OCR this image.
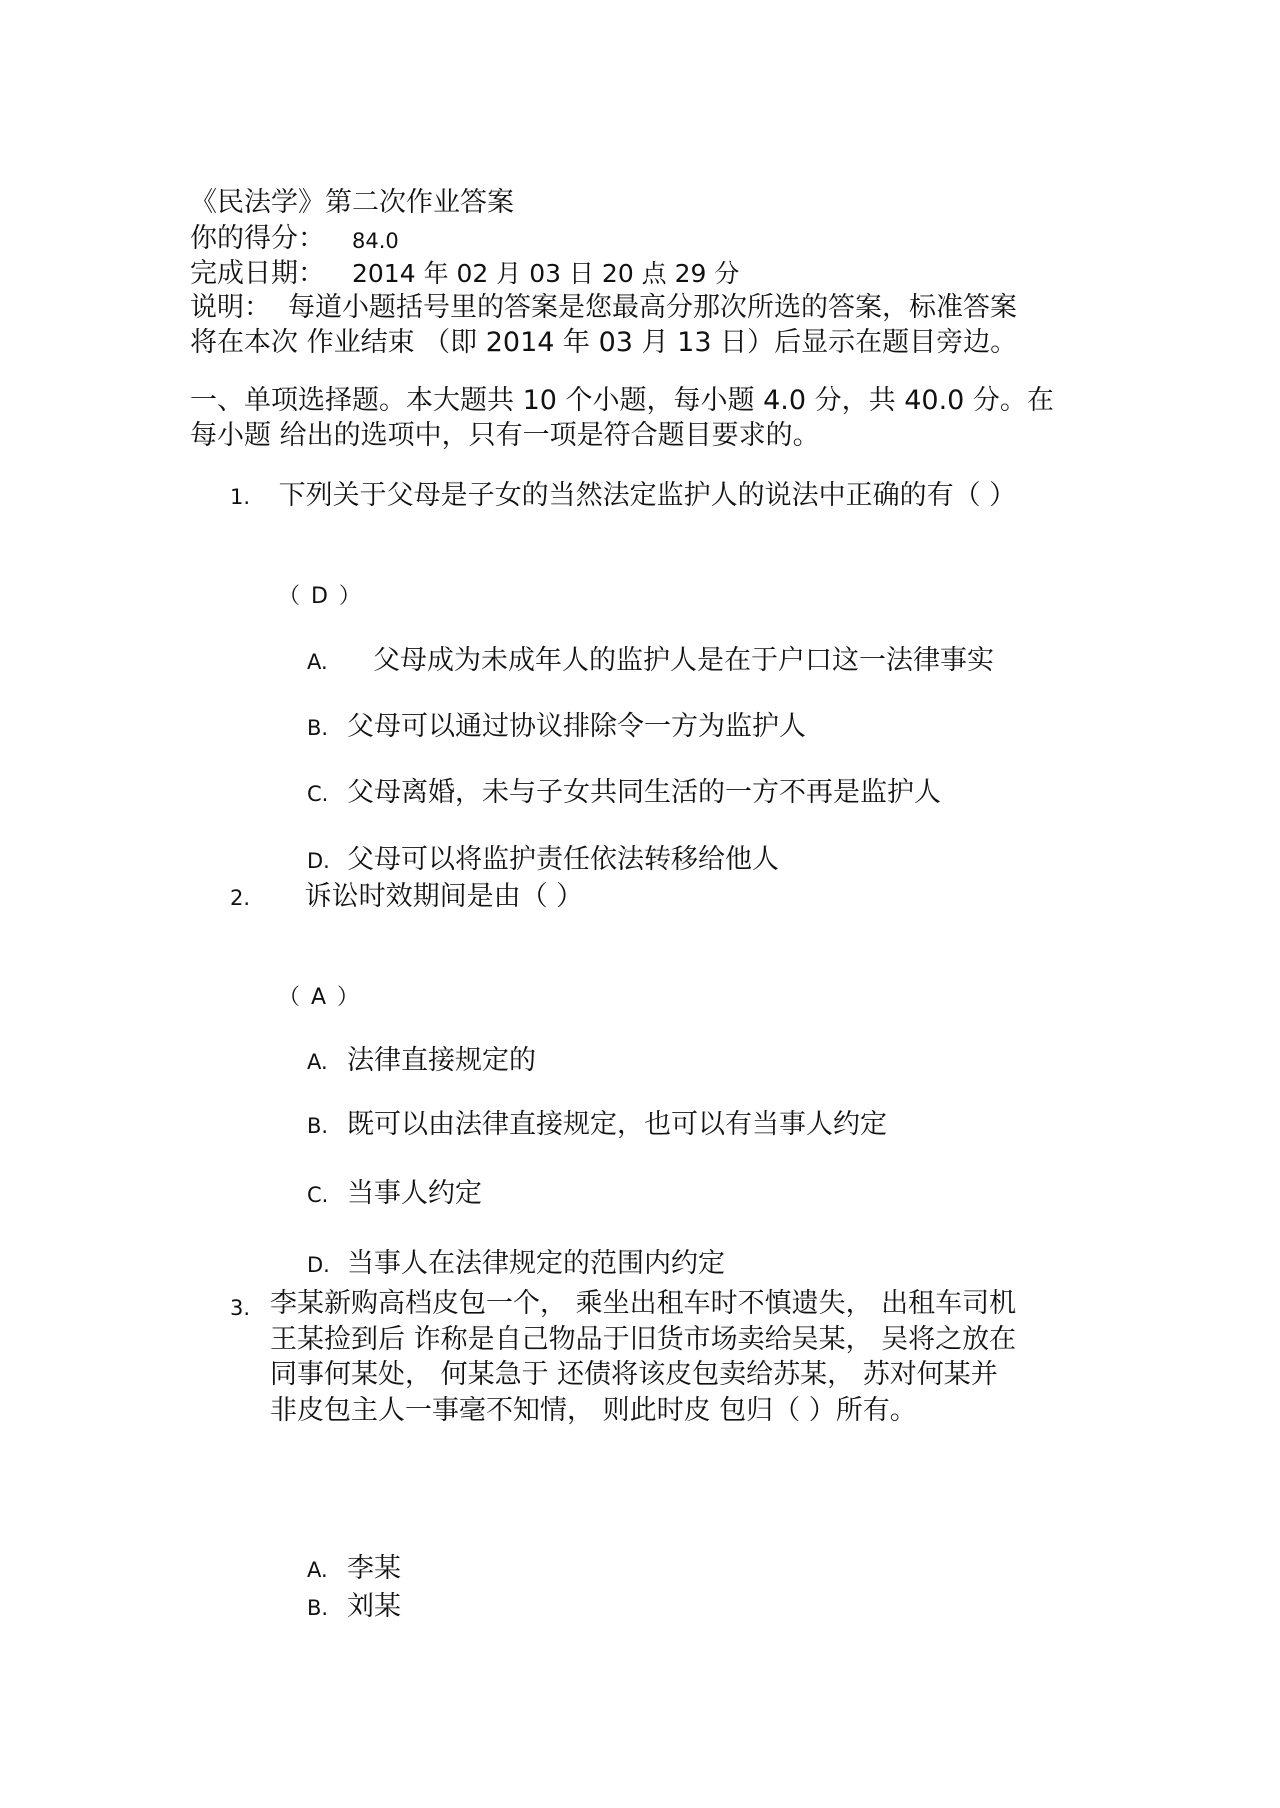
《民法学》第二次作业答案
你的得分： 84.0
完成日期： 2014 年 02 月 03 日 20 点 29 分
说明： 每道小题括号里的答案是您最高分那次所选的答案，标准答案
将在本次 作业结束 （即 2014 年 03 月 13 日）后显示在题目旁边。
一、单项选择题。本大题共 10 个小题，每小题 4.0 分，共 40.0 分。在
每小题 给出的选项中，只有一项是符合题目要求的。
1. 下列关于父母是子女的当然法定监护人的说法中正确的有（ ）
（ D ）
A. 父母成为未成年人的监护人是在于户口这一法律事实
B. 父母可以通过协议排除令一方为监护人
C. 父母离婚，未与子女共同生活的一方不再是监护人
D. 父母可以将监护责任依法转移给他人
2. 诉讼时效期间是由（ ）
（ A ）
A. 法律直接规定的
B. 既可以由法律直接规定，也可以有当事人约定
C. 当事人约定
D. 当事人在法律规定的范围内约定
3. 李某新购高档皮包一个， 乘坐出租车时不慎遗失， 出租车司机
王某捡到后 诈称是自己物品于旧货市场卖给吴某， 吴将之放在
同事何某处， 何某急于 还债将该皮包卖给苏某， 苏对何某并
非皮包主人一事毫不知情， 则此时皮 包归（ ）所有。
A. 李某
B. 刘某
